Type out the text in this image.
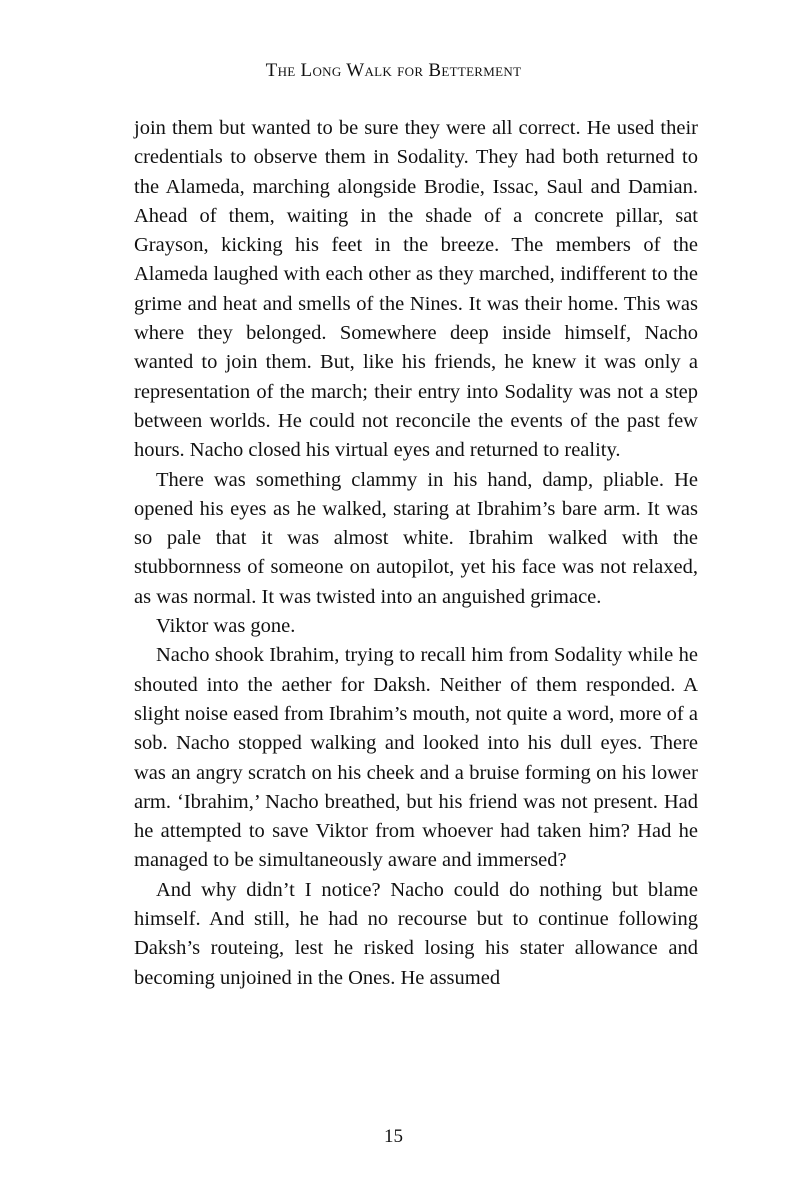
The Long Walk for Betterment

join them but wanted to be sure they were all correct. He used their credentials to observe them in Sodality. They had both returned to the Alameda, marching alongside Brodie, Issac, Saul and Damian. Ahead of them, waiting in the shade of a concrete pillar, sat Grayson, kicking his feet in the breeze. The members of the Alameda laughed with each other as they marched, indifferent to the grime and heat and smells of the Nines. It was their home. This was where they belonged. Somewhere deep inside himself, Nacho wanted to join them. But, like his friends, he knew it was only a representation of the march; their entry into Sodality was not a step between worlds. He could not reconcile the events of the past few hours. Nacho closed his virtual eyes and returned to reality.

There was something clammy in his hand, damp, pliable. He opened his eyes as he walked, staring at Ibrahim’s bare arm. It was so pale that it was almost white. Ibrahim walked with the stubbornness of someone on autopilot, yet his face was not relaxed, as was normal. It was twisted into an anguished grimace.

Viktor was gone.

Nacho shook Ibrahim, trying to recall him from Sodality while he shouted into the aether for Daksh. Neither of them responded. A slight noise eased from Ibrahim’s mouth, not quite a word, more of a sob. Nacho stopped walking and looked into his dull eyes. There was an angry scratch on his cheek and a bruise forming on his lower arm. ‘Ibrahim,’ Nacho breathed, but his friend was not present. Had he attempted to save Viktor from whoever had taken him? Had he managed to be simultaneously aware and immersed?

And why didn’t I notice? Nacho could do nothing but blame himself. And still, he had no recourse but to continue following Daksh’s routeing, lest he risked losing his stater allowance and becoming unjoined in the Ones. He assumed

15
